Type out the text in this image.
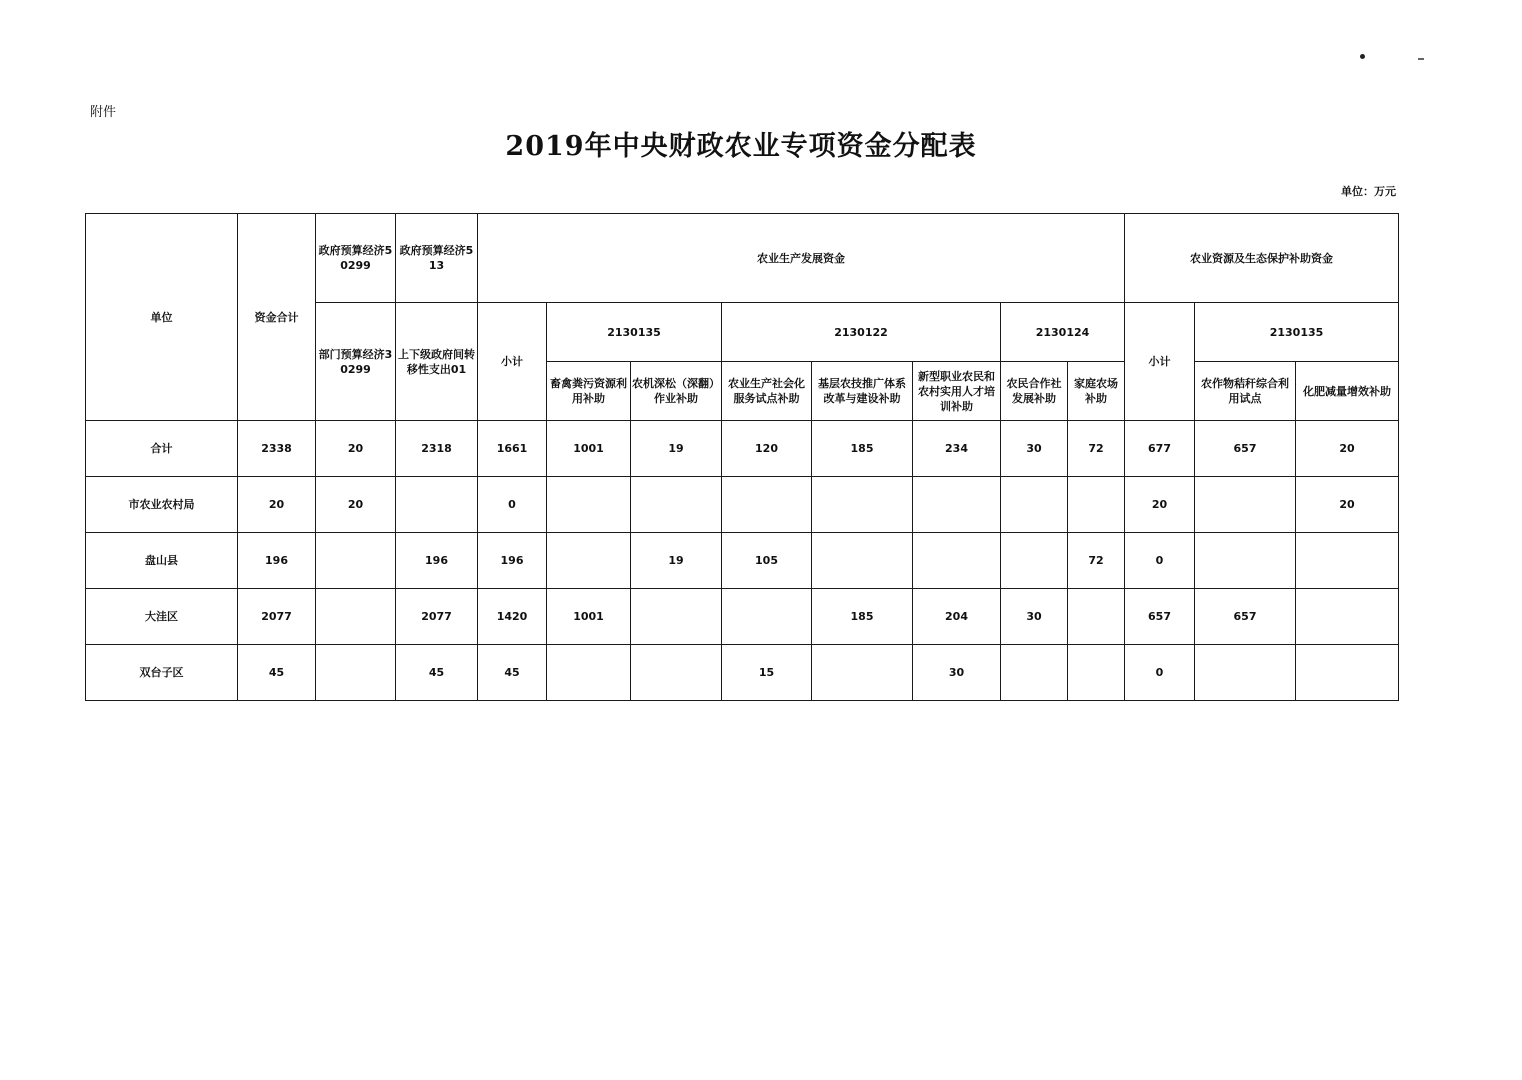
附件
2019年中央财政农业专项资金分配表
单位：万元
单位	资金合计	政府预算经济50299	政府预算经济513	农业生产发展资金								农业资源及生态保护补助资金		
		部门预算经济30299	上下级政府间转移性支出01	小计	2130135		2130122			2130124		小计	2130135	
					畜禽粪污资源利用补助	农机深松（深翻）作业补助	农业生产社会化服务试点补助	基层农技推广体系改革与建设补助	新型职业农民和农村实用人才培训补助	农民合作社发展补助	家庭农场补助		农作物秸秆综合利用试点	化肥减量增效补助
合计	2338	20	2318	1661	1001	19	120	185	234	30	72	677	657	20
市农业农村局	20	20		0								20		20
盘山县	196		196	196		19	105				72	0		
大洼区	2077		2077	1420	1001			185	204	30		657	657	
双台子区	45		45	45			15		30			0		
